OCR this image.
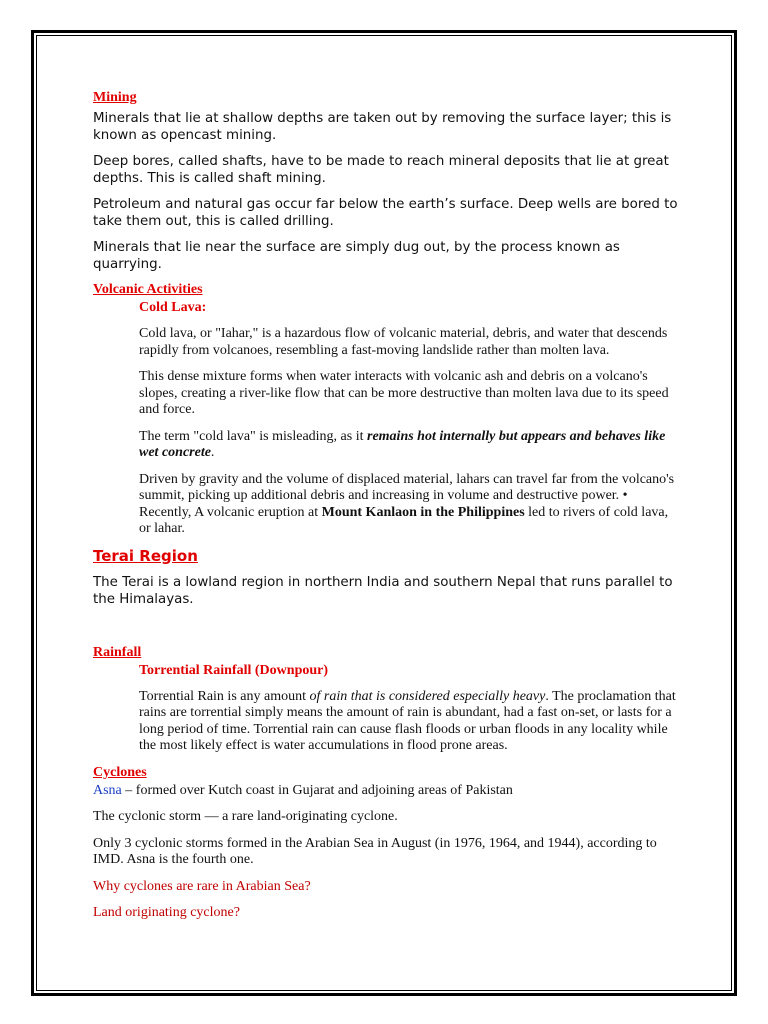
Mining

Minerals that lie at shallow depths are taken out by removing the surface layer; this is known as opencast mining.

Deep bores, called shafts, have to be made to reach mineral deposits that lie at great depths. This is called shaft mining.

Petroleum and natural gas occur far below the earth’s surface. Deep wells are bored to take them out, this is called drilling.

Minerals that lie near the surface are simply dug out, by the process known as quarrying.

Volcanic Activities

Cold Lava:

Cold lava, or "Iahar," is a hazardous flow of volcanic material, debris, and water that descends rapidly from volcanoes, resembling a fast-moving landslide rather than molten lava.

This dense mixture forms when water interacts with volcanic ash and debris on a volcano's slopes, creating a river-like flow that can be more destructive than molten lava due to its speed and force.

The term "cold lava" is misleading, as it remains hot internally but appears and behaves like wet concrete.

Driven by gravity and the volume of displaced material, lahars can travel far from the volcano's summit, picking up additional debris and increasing in volume and destructive power. • Recently, A volcanic eruption at Mount Kanlaon in the Philippines led to rivers of cold lava, or lahar.

Terai Region

The Terai is a lowland region in northern India and southern Nepal that runs parallel to the Himalayas.

Rainfall

Torrential Rainfall (Downpour)

Torrential Rain is any amount of rain that is considered especially heavy. The proclamation that rains are torrential simply means the amount of rain is abundant, had a fast on-set, or lasts for a long period of time. Torrential rain can cause flash floods or urban floods in any locality while the most likely effect is water accumulations in flood prone areas.

Cyclones

Asna – formed over Kutch coast in Gujarat and adjoining areas of Pakistan

The cyclonic storm — a rare land-originating cyclone.

Only 3 cyclonic storms formed in the Arabian Sea in August (in 1976, 1964, and 1944), according to IMD. Asna is the fourth one.

Why cyclones are rare in Arabian Sea?

Land originating cyclone?
